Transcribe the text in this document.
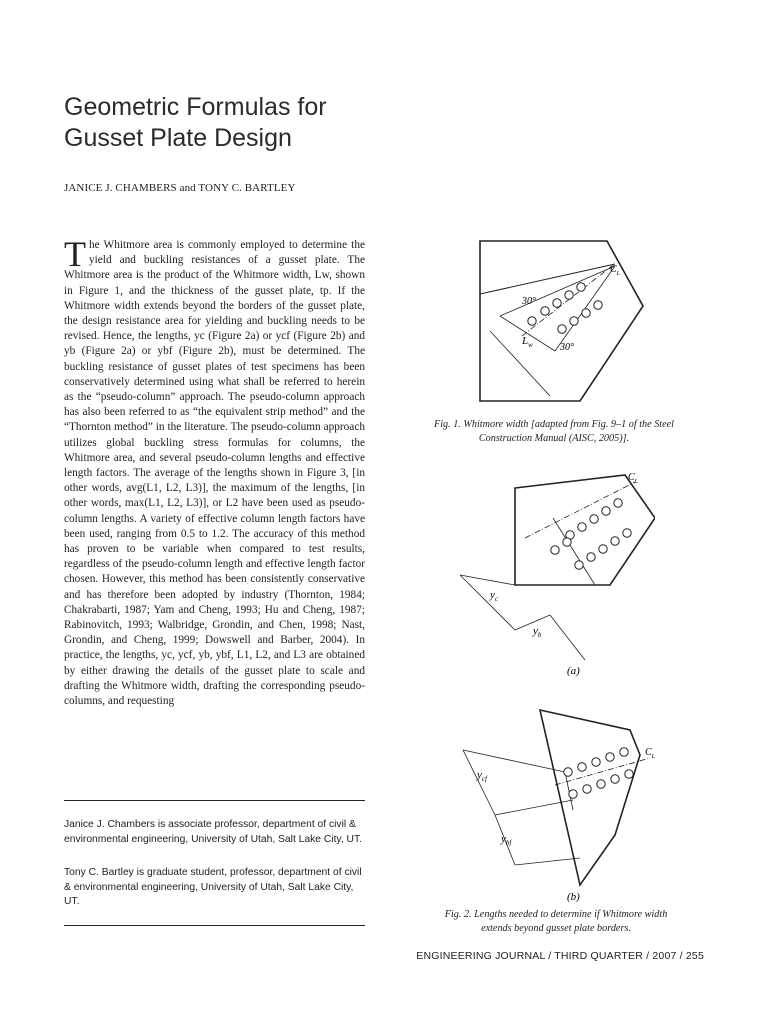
Geometric Formulas for Gusset Plate Design
JANICE J. CHAMBERS and TONY C. BARTLEY

The Whitmore area is commonly employed to determine the yield and buckling resistances of a gusset plate. The Whitmore area is the product of the Whitmore width, Lw, shown in Figure 1, and the thickness of the gusset plate, tp. If the Whitmore width extends beyond the borders of the gusset plate, the design resistance area for yielding and buckling needs to be revised. Hence, the lengths, yc (Figure 2a) or ycf (Figure 2b) and yb (Figure 2a) or ybf (Figure 2b), must be determined. The buckling resistance of gusset plates of test specimens has been conservatively determined using what shall be referred to herein as the “pseudo-column” approach. The pseudo-column approach has also been referred to as “the equivalent strip method” and the “Thornton method” in the literature. The pseudo-column approach utilizes global buckling stress formulas for columns, the Whitmore area, and several pseudo-column lengths and effective length factors. The average of the lengths shown in Figure 3, [in other words, avg(L1, L2, L3)], the maximum of the lengths, [in other words, max(L1, L2, L3)], or L2 have been used as pseudo-column lengths. A variety of effective column length factors have been used, ranging from 0.5 to 1.2. The accuracy of this method has proven to be variable when compared to test results, regardless of the pseudo-column length and effective length factor chosen. However, this method has been consistently conservative and has therefore been adopted by industry (Thornton, 1984; Chakrabarti, 1987; Yam and Cheng, 1993; Hu and Cheng, 1987; Rabinovitch, 1993; Walbridge, Grondin, and Chen, 1998; Nast, Grondin, and Cheng, 1999; Dowswell and Barber, 2004). In practice, the lengths, yc, ycf, yb, ybf, L1, L2, and L3 are obtained by either drawing the details of the gusset plate to scale and drafting the Whitmore width, drafting the corresponding pseudo-columns, and requesting

Janice J. Chambers is associate professor, department of civil & environmental engineering, University of Utah, Salt Lake City, UT.

Tony C. Bartley is graduate student, professor, department of civil & environmental engineering, University of Utah, Salt Lake City, UT.

30°
30°
$L_w$
$C_L$

Fig. 1. Whitmore width [adapted from Fig. 9–1 of the Steel Construction Manual (AISC, 2005)].

$y_c$
$y_b$
$C_L$
(a)
$y_{cf}$
$y_{bf}$
$C_L$
(b)

Fig. 2. Lengths needed to determine if Whitmore width extends beyond gusset plate borders.

ENGINEERING JOURNAL / THIRD QUARTER / 2007 / 255
